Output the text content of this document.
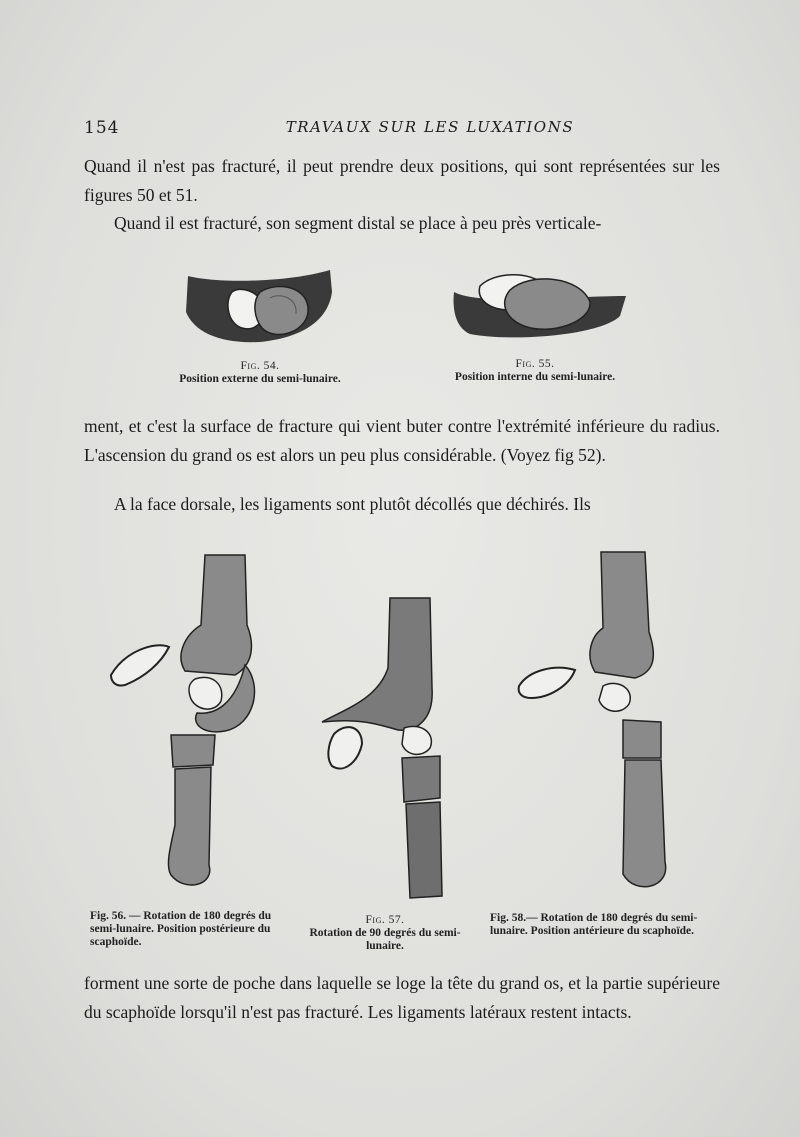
154	TRAVAUX SUR LES LUXATIONS
Quand il n'est pas fracturé, il peut prendre deux positions, qui sont représentées sur les figures 50 et 51.
Quand il est fracturé, son segment distal se place à peu près verticale-
Fig. 54.
Position externe du semi-lunaire.
Fig. 55.
Position interne du semi-lunaire.
ment, et c'est la surface de fracture qui vient buter contre l'extrémité inférieure du radius. L'ascension du grand os est alors un peu plus considérable. (Voyez fig 52).
A la face dorsale, les ligaments sont plutôt décollés que déchirés. Ils
Fig. 56. — Rotation de 180 degrés du semi-lunaire. Position postérieure du scaphoïde.
Fig. 57.
Rotation de 90 degrés du semi-lunaire.
Fig. 58.— Rotation de 180 degrés du semi-lunaire. Position antérieure du scaphoïde.
forment une sorte de poche dans laquelle se loge la tête du grand os, et la partie supérieure du scaphoïde lorsqu'il n'est pas fracturé. Les ligaments latéraux restent intacts.
